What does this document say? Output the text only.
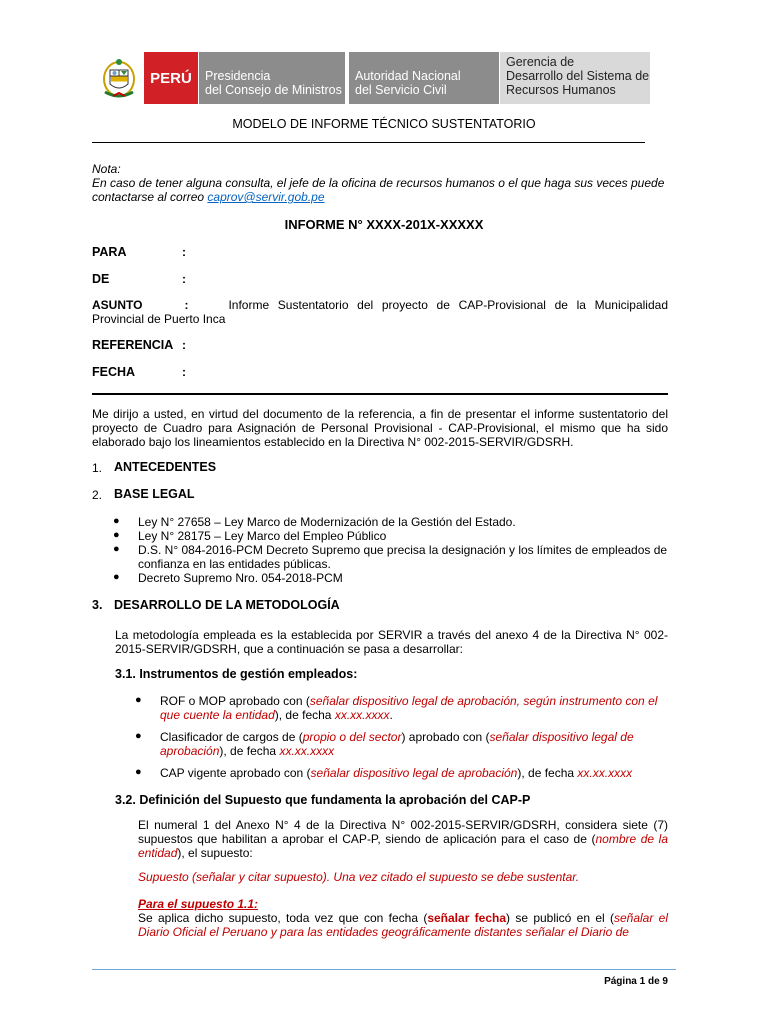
PERÚ	Presidencia
del Consejo de Ministros
Autoridad Nacional
del Servicio Civil
Gerencia de
Desarrollo del Sistema de
Recursos Humanos
MODELO DE INFORME TÉCNICO SUSTENTATORIO
Nota:
En caso de tener alguna consulta, el jefe de la oficina de recursos humanos o el que haga sus veces puede contactarse al correo caprov@servir.gob.pe
INFORME N° XXXX-201X-XXXXX
PARA	:
DE	:
ASUNTO	:	Informe Sustentatorio del proyecto de CAP-Provisional de la Municipalidad Provincial de Puerto Inca
REFERENCIA :
FECHA	:
Me dirijo a usted, en virtud del documento de la referencia, a fin de presentar el informe sustentatorio del proyecto de Cuadro para Asignación de Personal Provisional - CAP-Provisional, el mismo que ha sido elaborado bajo los lineamientos establecido en la Directiva N° 002-2015-SERVIR/GDSRH.
1. ANTECEDENTES
2. BASE LEGAL
● Ley N° 27658 – Ley Marco de Modernización de la Gestión del Estado.
● Ley N° 28175 – Ley Marco del Empleo Público
● D.S. N° 084-2016-PCM Decreto Supremo que precisa la designación y los límites de empleados de confianza en las entidades públicas.
● Decreto Supremo Nro. 054-2018-PCM
3. DESARROLLO DE LA METODOLOGÍA
La metodología empleada es la establecida por SERVIR a través del anexo 4 de la Directiva N° 002-2015-SERVIR/GDSRH, que a continuación se pasa a desarrollar:
3.1. Instrumentos de gestión empleados:
● ROF o MOP aprobado con (señalar dispositivo legal de aprobación, según instrumento con el que cuente la entidad), de fecha xx.xx.xxxx.
● Clasificador de cargos de (propio o del sector) aprobado con (señalar dispositivo legal de aprobación), de fecha xx.xx.xxxx
● CAP vigente aprobado con (señalar dispositivo legal de aprobación), de fecha xx.xx.xxxx
3.2. Definición del Supuesto que fundamenta la aprobación del CAP-P
El numeral 1 del Anexo N° 4 de la Directiva N° 002-2015-SERVIR/GDSRH, considera siete (7) supuestos que habilitan a aprobar el CAP-P, siendo de aplicación para el caso de (nombre de la entidad), el supuesto:
Supuesto (señalar y citar supuesto). Una vez citado el supuesto se debe sustentar.
Para el supuesto 1.1:
Se aplica dicho supuesto, toda vez que con fecha (señalar fecha) se publicó en el (señalar el Diario Oficial el Peruano y para las entidades geográficamente distantes señalar el Diario de
Página 1 de 9
